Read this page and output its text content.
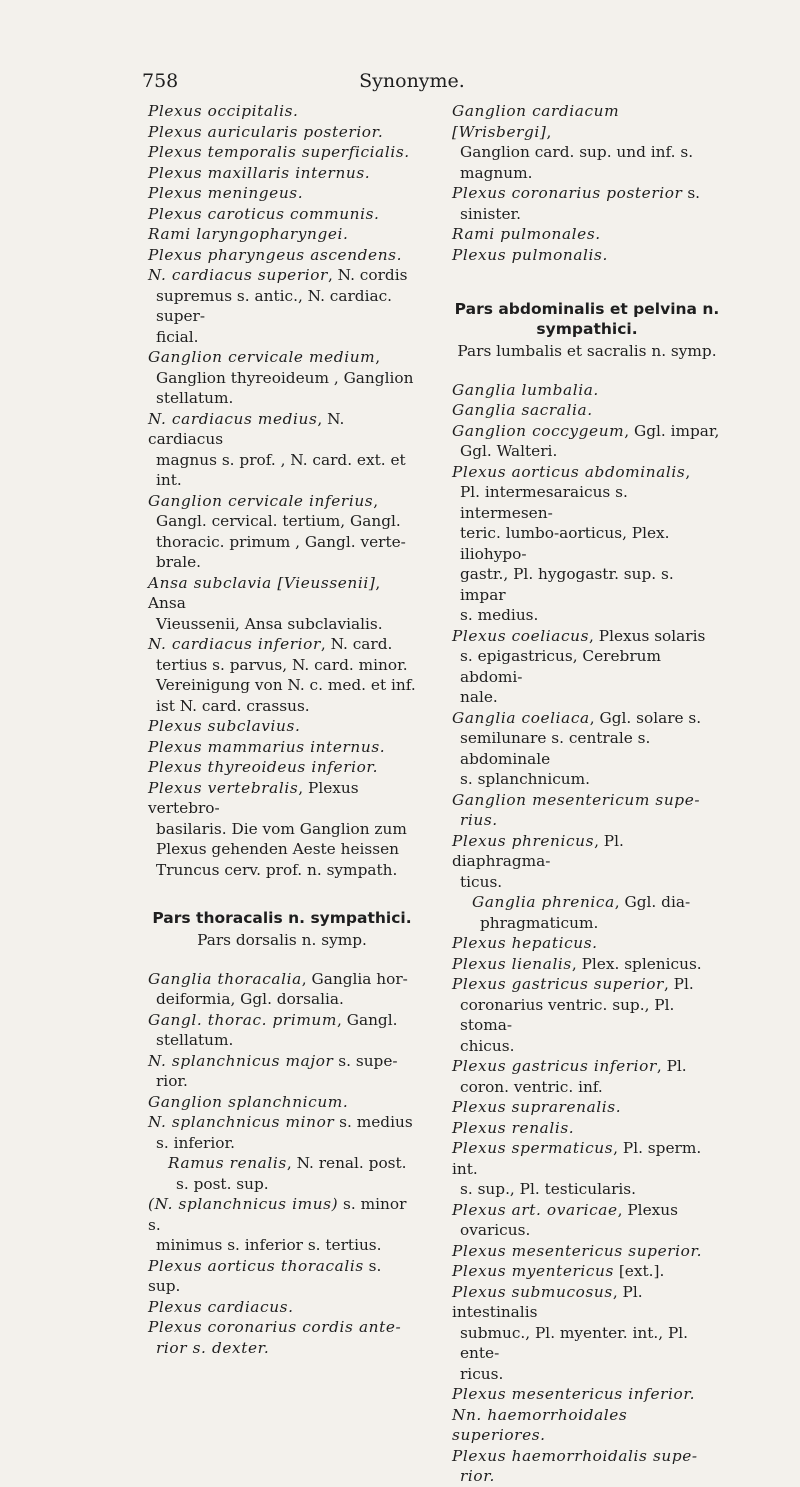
758	Synonyme.
Plexus occipitalis.
Plexus auricularis posterior.
Plexus temporalis superficialis.
Plexus maxillaris internus.
Plexus meningeus.
Plexus caroticus communis.
Rami laryngopharyngei.
Plexus pharyngeus ascendens.
N. cardiacus superior, N. cordis
supremus s. antic., N. cardiac. super-
ficial.
Ganglion cervicale medium,
Ganglion thyreoideum , Ganglion
stellatum.
N. cardiacus medius, N. cardiacus
magnus s. prof. , N. card. ext. et
int.
Ganglion cervicale inferius,
Gangl. cervical. tertium, Gangl.
thoracic. primum , Gangl. verte-
brale.
Ansa subclavia [Vieussenii], Ansa
Vieussenii, Ansa subclavialis.
N. cardiacus inferior, N. card.
tertius s. parvus, N. card. minor.
Vereinigung von N. c. med. et inf.
ist N. card. crassus.
Plexus subclavius.
Plexus mammarius internus.
Plexus thyreoideus inferior.
Plexus vertebralis, Plexus vertebro-
basilaris. Die vom Ganglion zum
Plexus gehenden Aeste heissen
Truncus cerv. prof. n. sympath.
Pars thoracalis n. sympathici.
Pars dorsalis n. symp.
Ganglia thoracalia, Ganglia hor-
deiformia, Ggl. dorsalia.
Gangl. thorac. primum, Gangl.
stellatum.
N. splanchnicus major s. supe-
rior.
Ganglion splanchnicum.
N. splanchnicus minor s. medius
s. inferior.
Ramus renalis, N. renal. post.
s. post. sup.
(N. splanchnicus imus) s. minor s.
minimus s. inferior s. tertius.
Plexus aorticus thoracalis s. sup.
Plexus cardiacus.
Plexus coronarius cordis ante-
rior s. dexter.
Ganglion cardiacum [Wrisbergi],
Ganglion card. sup. und inf. s.
magnum.
Plexus coronarius posterior s.
sinister.
Rami pulmonales.
Plexus pulmonalis.
Pars abdominalis et pelvina n.
sympathici.
Pars lumbalis et sacralis n. symp.
Ganglia lumbalia.
Ganglia sacralia.
Ganglion coccygeum, Ggl. impar,
Ggl. Walteri.
Plexus aorticus abdominalis,
Pl. intermesaraicus s. intermesen-
teric. lumbo-aorticus, Plex. iliohypo-
gastr., Pl. hygogastr. sup. s. impar
s. medius.
Plexus coeliacus, Plexus solaris
s. epigastricus, Cerebrum abdomi-
nale.
Ganglia coeliaca, Ggl. solare s.
semilunare s. centrale s. abdominale
s. splanchnicum.
Ganglion mesentericum supe-
rius.
Plexus phrenicus, Pl. diaphragma-
ticus.
Ganglia phrenica, Ggl. dia-
phragmaticum.
Plexus hepaticus.
Plexus lienalis, Plex. splenicus.
Plexus gastricus superior, Pl.
coronarius ventric. sup., Pl. stoma-
chicus.
Plexus gastricus inferior, Pl.
coron. ventric. inf.
Plexus suprarenalis.
Plexus renalis.
Plexus spermaticus, Pl. sperm. int.
s. sup., Pl. testicularis.
Plexus art. ovaricae, Plexus
ovaricus.
Plexus mesentericus superior.
Plexus myentericus [ext.].
Plexus submucosus, Pl. intestinalis
submuc., Pl. myenter. int., Pl. ente-
ricus.
Plexus mesentericus inferior.
Nn. haemorrhoidales superiores.
Plexus haemorrhoidalis supe-
rior.
